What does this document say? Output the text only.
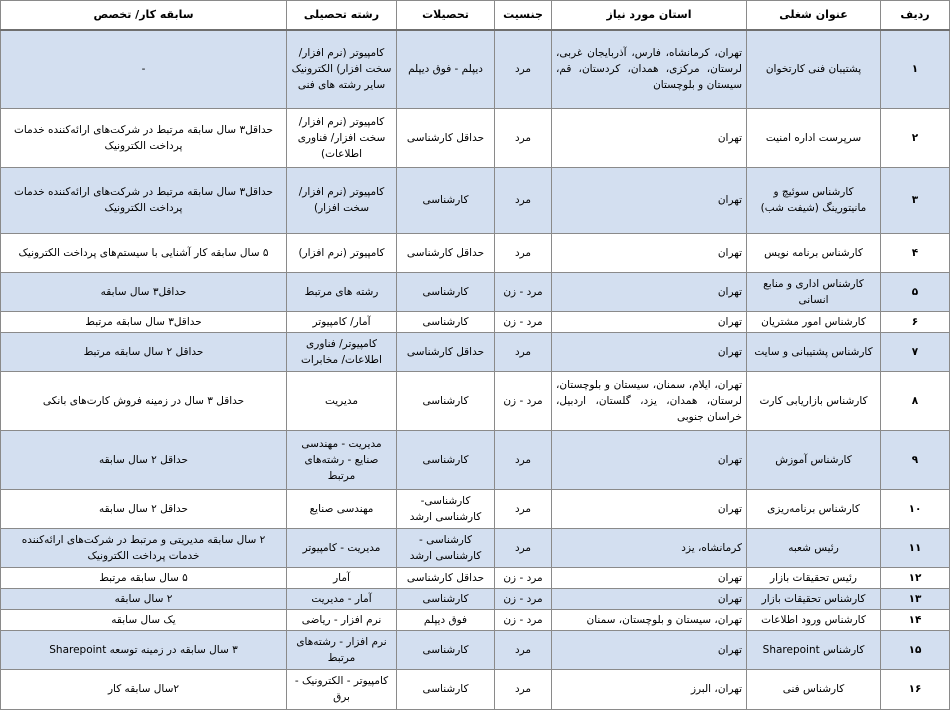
ردیف	عنوان شغلی	استان مورد نیاز	جنسیت	تحصیلات	رشته تحصیلی	سابقه کار/ تخصص
۱	پشتیبان فنی کارتخوان	تهران، کرمانشاه، فارس، آذربایجان غربی، لرستان، مرکزی، همدان، کردستان، قم، سیستان و بلوچستان	مرد	دیپلم - فوق دیپلم	کامپیوتر (نرم افزار/ سخت افزار) الکترونیک سایر رشته های فنی	-
۲	سرپرست اداره امنیت	تهران	مرد	حداقل کارشناسی	کامپیوتر (نرم افزار/ سخت افزار/ فناوری اطلاعات)	حداقل۳ سال سابقه مرتبط در شرکت‌های ارائه‌کننده خدمات پرداخت الکترونیک
۳	کارشناس سوئیچ و مانیتورینگ (شیفت شب)	تهران	مرد	کارشناسی	کامپیوتر (نرم افزار/ سخت افزار)	حداقل۳ سال سابقه مرتبط در شرکت‌های ارائه‌کننده خدمات پرداخت الکترونیک
۴	کارشناس برنامه نویس	تهران	مرد	حداقل کارشناسی	کامپیوتر (نرم افزار)	۵ سال سابقه کار آشنایی با سیستم‌های پرداخت الکترونیک
۵	کارشناس اداری و منابع انسانی	تهران	مرد - زن	کارشناسی	رشته های مرتبط	حداقل۳ سال سابقه
۶	کارشناس امور مشتریان	تهران	مرد - زن	کارشناسی	آمار/ کامپیوتر	حداقل۳ سال سابقه مرتبط
۷	کارشناس پشتیبانی و سایت	تهران	مرد	حداقل کارشناسی	کامپیوتر/ فناوری اطلاعات/ مخابرات	حداقل ۲ سال سابقه مرتبط
۸	کارشناس بازاریابی کارت	تهران، ایلام، سمنان، سیستان و بلوچستان، لرستان، همدان، یزد، گلستان، اردبیل، خراسان جنوبی	مرد - زن	کارشناسی	مدیریت	حداقل ۳ سال در زمینه فروش کارت‌های بانکی
۹	کارشناس آموزش	تهران	مرد	کارشناسی	مدیریت - مهندسی صنایع - رشته‌های مرتبط	حداقل ۲ سال سابقه
۱۰	کارشناس برنامه‌ریزی	تهران	مرد	کارشناسی- کارشناسی ارشد	مهندسی صنایع	حداقل ۲ سال سابقه
۱۱	رئیس شعبه	کرمانشاه، یزد	مرد	کارشناسی - کارشناسی ارشد	مدیریت - کامپیوتر	۲ سال سابقه مدیریتی و مرتبط در شرکت‌های ارائه‌کننده خدمات پرداخت الکترونیک
۱۲	رئیس تحقیقات بازار	تهران	مرد - زن	حداقل کارشناسی	آمار	۵ سال سابقه مرتبط
۱۳	کارشناس تحقیقات بازار	تهران	مرد - زن	کارشناسی	آمار - مدیریت	۲ سال سابقه
۱۴	کارشناس ورود اطلاعات	تهران، سیستان و بلوچستان، سمنان	مرد - زن	فوق دیپلم	نرم افزار - ریاضی	یک سال سابقه
۱۵	کارشناس Sharepoint	تهران	مرد	کارشناسی	نرم افزار - رشته‌های مرتبط	۳ سال سابقه در زمینه توسعه Sharepoint
۱۶	کارشناس فنی	تهران، البرز	مرد	کارشناسی	کامپیوتر - الکترونیک - برق	۲سال سابقه کار
